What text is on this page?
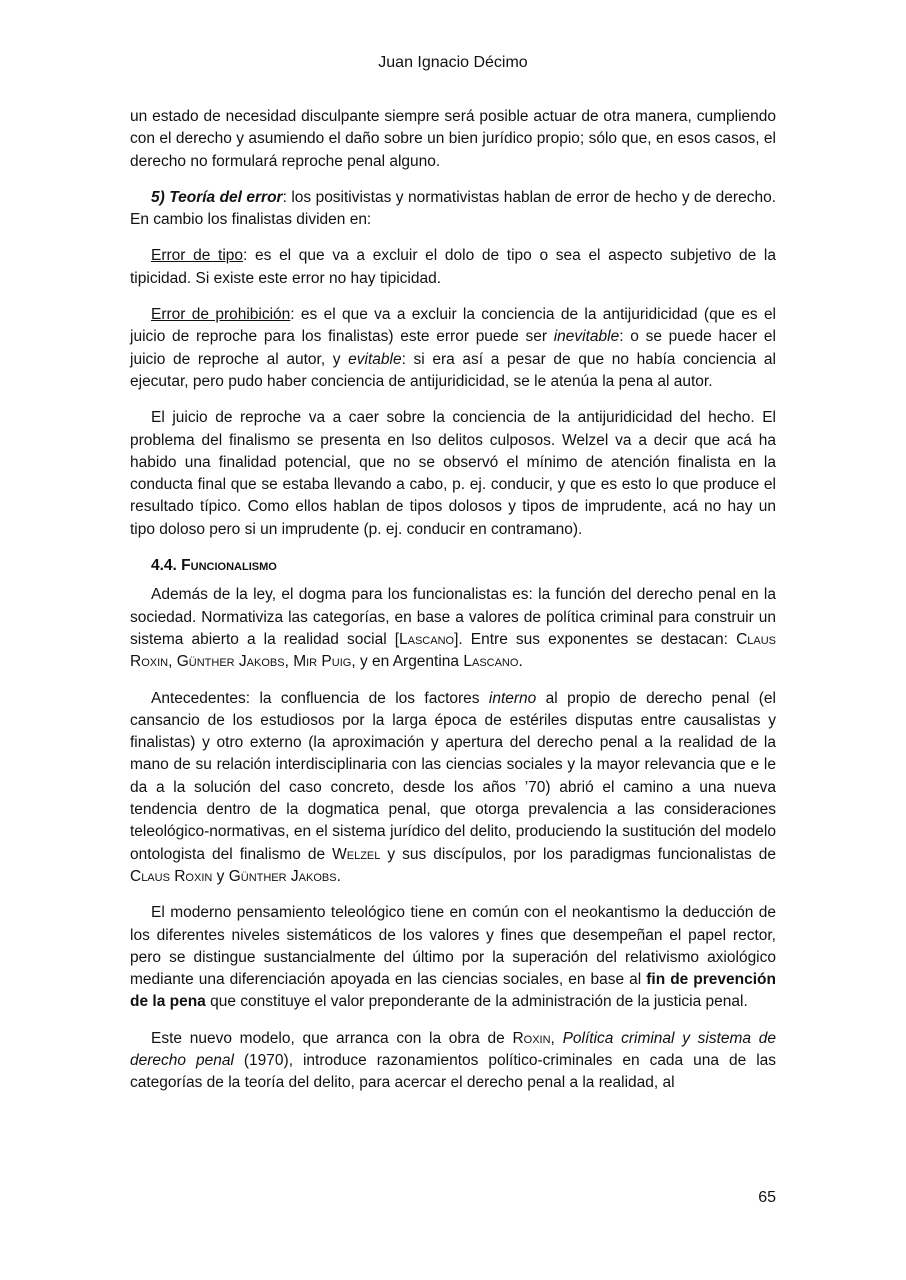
Juan Ignacio Décimo

un estado de necesidad disculpante siempre será posible actuar de otra manera, cumpliendo con el derecho y asumiendo el daño sobre un bien jurídico propio; sólo que, en esos casos, el derecho no formulará reproche penal alguno.

5) Teoría del error: los positivistas y normativistas hablan de error de hecho y de derecho. En cambio los finalistas dividen en:

Error de tipo: es el que va a excluir el dolo de tipo o sea el aspecto subjetivo de la tipicidad. Si existe este error no hay tipicidad.

Error de prohibición: es el que va a excluir la conciencia de la antijuridicidad (que es el juicio de reproche para los finalistas) este error puede ser inevitable: o se puede hacer el juicio de reproche al autor, y evitable: si era así a pesar de que no había conciencia al ejecutar, pero pudo haber conciencia de antijuridicidad, se le atenúa la pena al autor.

El juicio de reproche va a caer sobre la conciencia de la antijuridicidad del hecho. El problema del finalismo se presenta en lso delitos culposos. Welzel va a decir que acá ha habido una finalidad potencial, que no se observó el mínimo de atención finalista en la conducta final que se estaba llevando a cabo, p. ej. conducir, y que es esto lo que produce el resultado típico. Como ellos hablan de tipos dolosos y tipos de imprudente, acá no hay un tipo doloso pero si un imprudente (p. ej. conducir en contramano).

4.4. Funcionalismo

Además de la ley, el dogma para los funcionalistas es: la función del derecho penal en la sociedad. Normativiza las categorías, en base a valores de política criminal para construir un sistema abierto a la realidad social [Lascano]. Entre sus exponentes se destacan: Claus Roxin, Günther Jakobs, Mir Puig, y en Argentina Lascano.

Antecedentes: la confluencia de los factores interno al propio de derecho penal (el cansancio de los estudiosos por la larga época de estériles disputas entre causalistas y finalistas) y otro externo (la aproximación y apertura del derecho penal a la realidad de la mano de su relación interdisciplinaria con las ciencias sociales y la mayor relevancia que e le da a la solución del caso concreto, desde los años ’70) abrió el camino a una nueva tendencia dentro de la dogmatica penal, que otorga prevalencia a las consideraciones teleológico-normativas, en el sistema jurídico del delito, produciendo la sustitución del modelo ontologista del finalismo de Welzel y sus discípulos, por los paradigmas funcionalistas de Claus Roxin y Günther Jakobs.

El moderno pensamiento teleológico tiene en común con el neokantismo la deducción de los diferentes niveles sistemáticos de los valores y fines que desempeñan el papel rector, pero se distingue sustancialmente del último por la superación del relativismo axiológico mediante una diferenciación apoyada en las ciencias sociales, en base al fin de prevención de la pena que constituye el valor preponderante de la administración de la justicia penal.

Este nuevo modelo, que arranca con la obra de Roxin, Política criminal y sistema de derecho penal (1970), introduce razonamientos político-criminales en cada una de las categorías de la teoría del delito, para acercar el derecho penal a la realidad, al

65
